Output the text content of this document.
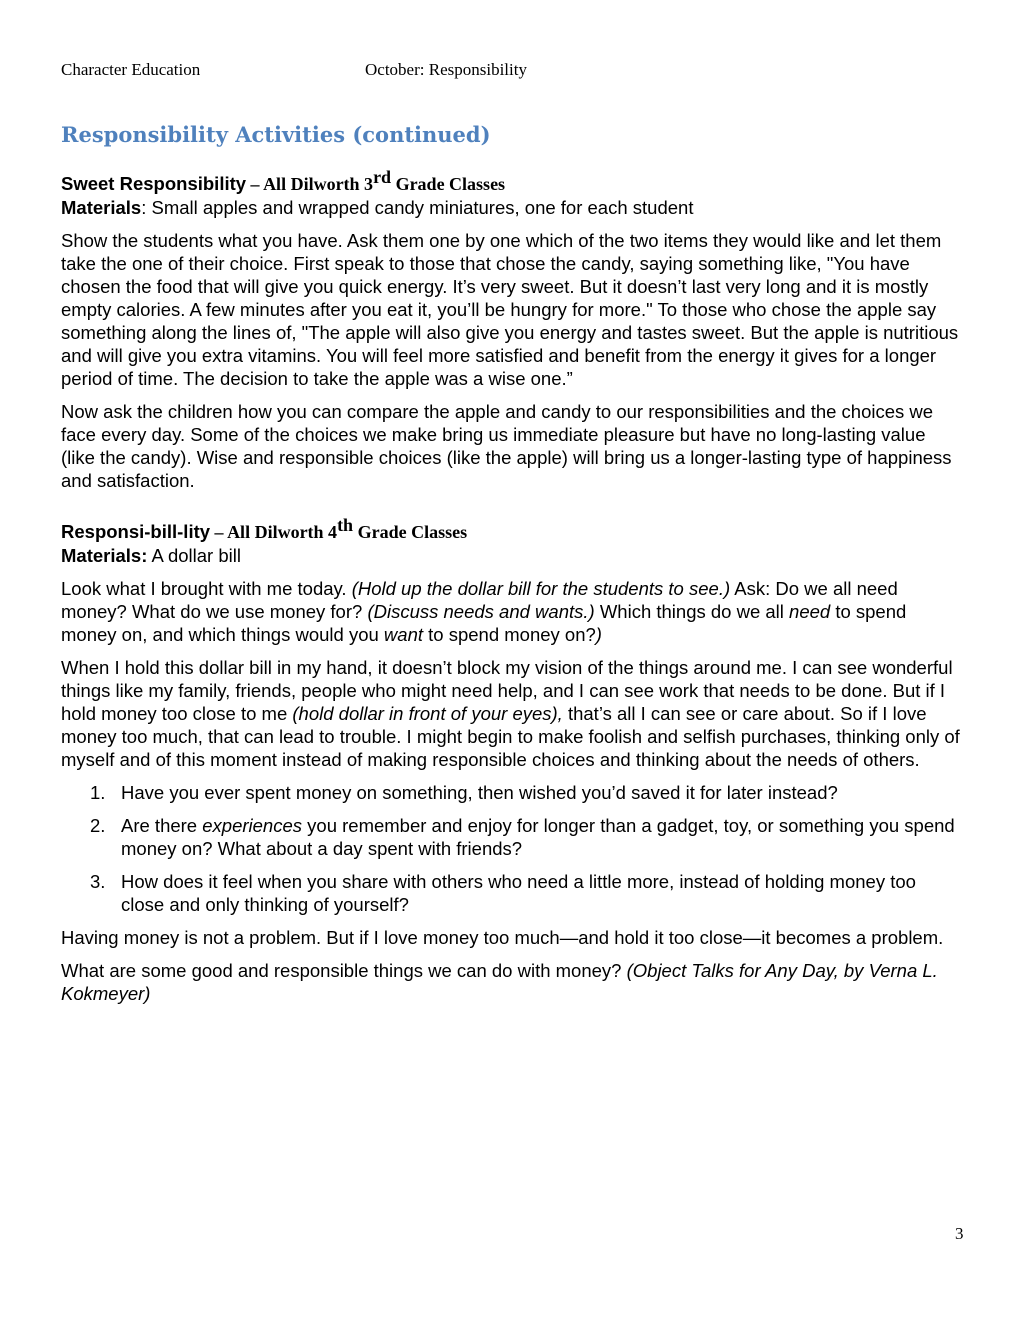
Character Education	October: Responsibility
Responsibility Activities (continued)

Sweet Responsibility – All Dilworth 3rd Grade Classes

Materials: Small apples and wrapped candy miniatures, one for each student

Show the students what you have. Ask them one by one which of the two items they would like and let them take the one of their choice. First speak to those that chose the candy, saying something like, "You have chosen the food that will give you quick energy. It’s very sweet. But it doesn’t last very long and it is mostly empty calories. A few minutes after you eat it, you’ll be hungry for more." To those who chose the apple say something along the lines of, "The apple will also give you energy and tastes sweet. But the apple is nutritious and will give you extra vitamins. You will feel more satisfied and benefit from the energy it gives for a longer period of time. The decision to take the apple was a wise one.”

Now ask the children how you can compare the apple and candy to our responsibilities and the choices we face every day. Some of the choices we make bring us immediate pleasure but have no long-lasting value (like the candy). Wise and responsible choices (like the apple) will bring us a longer-lasting type of happiness and satisfaction.

Responsi-bill-lity – All Dilworth 4th Grade Classes

Materials: A dollar bill

Look what I brought with me today. (Hold up the dollar bill for the students to see.) Ask: Do we all need money? What do we use money for? (Discuss needs and wants.) Which things do we all need to spend money on, and which things would you want to spend money on?)

When I hold this dollar bill in my hand, it doesn’t block my vision of the things around me. I can see wonderful things like my family, friends, people who might need help, and I can see work that needs to be done. But if I hold money too close to me (hold dollar in front of your eyes), that’s all I can see or care about. So if I love money too much, that can lead to trouble. I might begin to make foolish and selfish purchases, thinking only of myself and of this moment instead of making responsible choices and thinking about the needs of others.

1. Have you ever spent money on something, then wished you’d saved it for later instead?
2. Are there experiences you remember and enjoy for longer than a gadget, toy, or something you spend money on? What about a day spent with friends?
3. How does it feel when you share with others who need a little more, instead of holding money too close and only thinking of yourself?

Having money is not a problem. But if I love money too much—and hold it too close—it becomes a problem.

What are some good and responsible things we can do with money? (Object Talks for Any Day, by Verna L. Kokmeyer)

3
